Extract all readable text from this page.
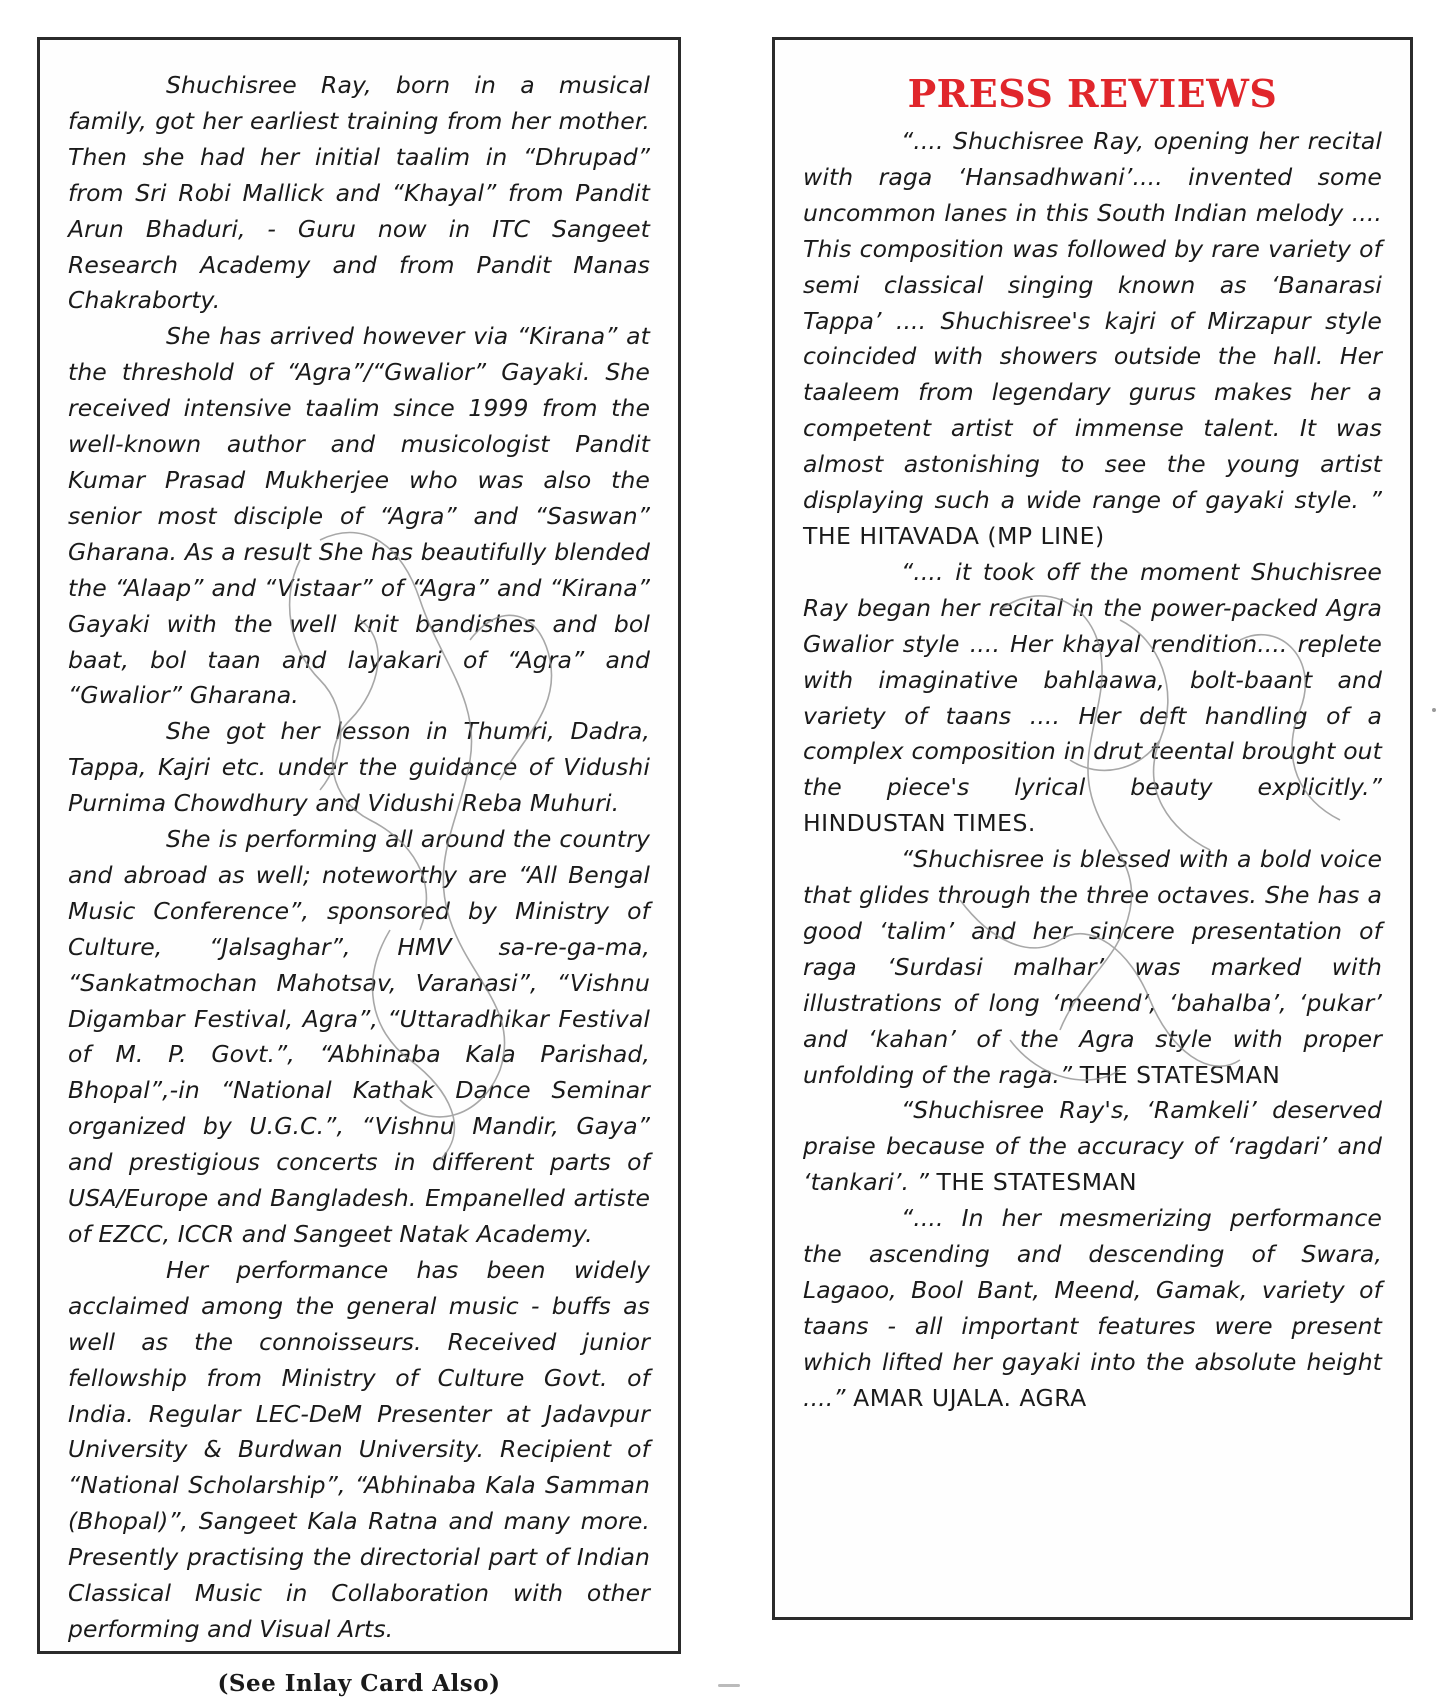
Shuchisree Ray, born in a musical family, got her earliest training from her mother. Then she had her initial taalim in “Dhrupad” from Sri Robi Mallick and “Khayal” from Pandit Arun Bhaduri, - Guru now in ITC Sangeet Research Academy and from Pandit Manas Chakraborty.

She has arrived however via “Kirana” at the threshold of “Agra”/“Gwalior” Gayaki. She received intensive taalim since 1999 from the well-known author and musicologist Pandit Kumar Prasad Mukherjee who was also the senior most disciple of “Agra” and “Saswan” Gharana. As a result She has beautifully blended the “Alaap” and “Vistaar” of “Agra” and “Kirana” Gayaki with the well knit bandishes and bol baat, bol taan and layakari of “Agra” and “Gwalior” Gharana.

She got her lesson in Thumri, Dadra, Tappa, Kajri etc. under the guidance of Vidushi Purnima Chowdhury and Vidushi Reba Muhuri.

She is performing all around the country and abroad as well; noteworthy are “All Bengal Music Conference”, sponsored by Ministry of Culture, “Jalsaghar”, HMV sa-re-ga-ma, “Sankatmochan Mahotsav, Varanasi”, “Vishnu Digambar Festival, Agra”, “Uttaradhikar Festival of M. P. Govt.”, “Abhinaba Kala Parishad, Bhopal”,-in “National Kathak Dance Seminar organized by U.G.C.”, “Vishnu Mandir, Gaya” and prestigious concerts in different parts of USA/Europe and Bangladesh. Empanelled artiste of EZCC, ICCR and Sangeet Natak Academy.

Her performance has been widely acclaimed among the general music - buffs as well as the connoisseurs. Received junior fellowship from Ministry of Culture Govt. of India. Regular LEC-DeM Presenter at Jadavpur University & Burdwan University. Recipient of “National Scholarship”, “Abhinaba Kala Samman (Bhopal)”, Sangeet Kala Ratna and many more. Presently practising the directorial part of Indian Classical Music in Collaboration with other performing and Visual Arts.

(See Inlay Card Also)
PRESS REVIEWS

“.... Shuchisree Ray, opening her recital with raga ‘Hansadhwani’.... invented some uncommon lanes in this South Indian melody .... This composition was followed by rare variety of semi classical singing known as ‘Banarasi Tappa’ .... Shuchisree's kajri of Mirzapur style coincided with showers outside the hall. Her taaleem from legendary gurus makes her a competent artist of immense talent. It was almost astonishing to see the young artist displaying such a wide range of gayaki style. ” THE HITAVADA (MP LINE)

“.... it took off the moment Shuchisree Ray began her recital in the power-packed Agra Gwalior style .... Her khayal rendition.... replete with imaginative bahlaawa, bolt-baant and variety of taans .... Her deft handling of a complex composition in drut teental brought out the piece's lyrical beauty explicitly.” HINDUSTAN TIMES.

“Shuchisree is blessed with a bold voice that glides through the three octaves. She has a good ‘talim’ and her sincere presentation of raga ‘Surdasi malhar’ was marked with illustrations of long ‘meend’, ‘bahalba’, ‘pukar’ and ‘kahan’ of the Agra style with proper unfolding of the raga.” THE STATESMAN

“Shuchisree Ray's, ‘Ramkeli’ deserved praise because of the accuracy of ‘ragdari’ and ‘tankari’. ” THE STATESMAN

“.... In her mesmerizing performance the ascending and descending of Swara, Lagaoo, Bool Bant, Meend, Gamak, variety of taans - all important features were present which lifted her gayaki into the absolute height ....” AMAR UJALA. AGRA
